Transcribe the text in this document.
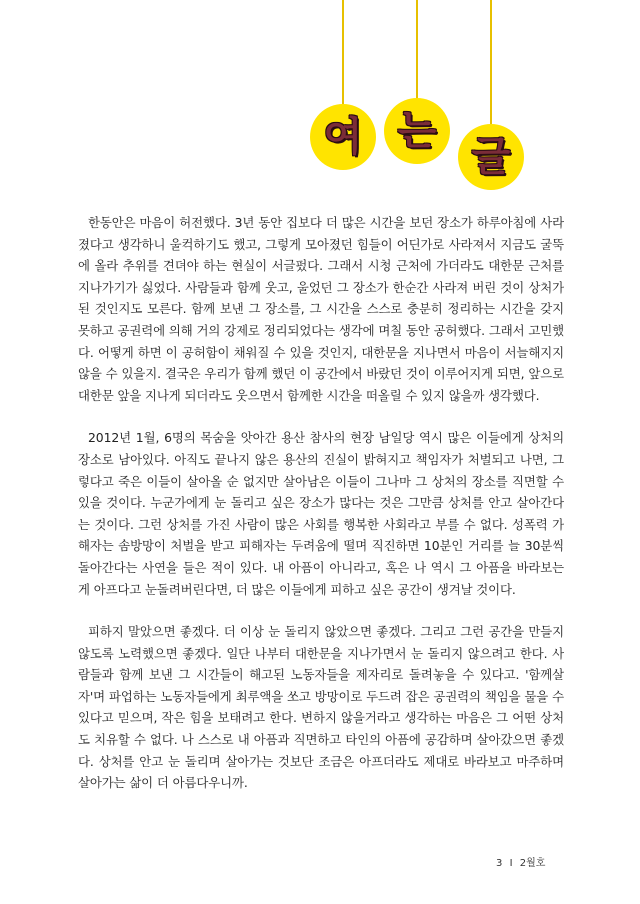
여 는
글

한동안은 마음이 허전했다. 3년 동안 집보다 더 많은 시간을 보던 장소가 하루아침에 사라졌다고 생각하니 울컥하기도 했고, 그렇게 모아졌던 힘들이 어딘가로 사라져서 지금도 굴뚝에 올라 추위를 견뎌야 하는 현실이 서글펐다. 그래서 시청 근처에 가더라도 대한문 근처를 지나가기가 싫었다. 사람들과 함께 웃고, 울었던 그 장소가 한순간 사라져 버린 것이 상처가 된 것인지도 모른다. 함께 보낸 그 장소를, 그 시간을 스스로 충분히 정리하는 시간을 갖지 못하고 공권력에 의해 거의 강제로 정리되었다는 생각에 며칠 동안 공허했다. 그래서 고민했다. 어떻게 하면 이 공허함이 채워질 수 있을 것인지, 대한문을 지나면서 마음이 서늘해지지 않을 수 있을지. 결국은 우리가 함께 했던 이 공간에서 바랐던 것이 이루어지게 되면, 앞으로 대한문 앞을 지나게 되더라도 웃으면서 함께한 시간을 떠올릴 수 있지 않을까 생각했다.

2012년 1월, 6명의 목숨을 앗아간 용산 참사의 현장 남일당 역시 많은 이들에게 상처의 장소로 남아있다. 아직도 끝나지 않은 용산의 진실이 밝혀지고 책임자가 처벌되고 나면, 그렇다고 죽은 이들이 살아올 순 없지만 살아남은 이들이 그나마 그 상처의 장소를 직면할 수 있을 것이다. 누군가에게 눈 돌리고 싶은 장소가 많다는 것은 그만큼 상처를 안고 살아간다는 것이다. 그런 상처를 가진 사람이 많은 사회를 행복한 사회라고 부를 수 없다. 성폭력 가해자는 솜방망이 처벌을 받고 피해자는 두려움에 떨며 직진하면 10분인 거리를 늘 30분씩 돌아간다는 사연을 들은 적이 있다. 내 아픔이 아니라고, 혹은 나 역시 그 아픔을 바라보는 게 아프다고 눈돌려버린다면, 더 많은 이들에게 피하고 싶은 공간이 생겨날 것이다.

피하지 말았으면 좋겠다. 더 이상 눈 돌리지 않았으면 좋겠다. 그리고 그런 공간을 만들지 않도록 노력했으면 좋겠다. 일단 나부터 대한문을 지나가면서 눈 돌리지 않으려고 한다. 사람들과 함께 보낸 그 시간들이 해고된 노동자들을 제자리로 돌려놓을 수 있다고. '함께살자'며 파업하는 노동자들에게 최루액을 쏘고 방망이로 두드려 잡은 공권력의 책임을 물을 수 있다고 믿으며, 작은 힘을 보태려고 한다. 변하지 않을거라고 생각하는 마음은 그 어떤 상처도 치유할 수 없다. 나 스스로 내 아픔과 직면하고 타인의 아픔에 공감하며 살아갔으면 좋겠다. 상처를 안고 눈 돌리며 살아가는 것보단 조금은 아프더라도 제대로 바라보고 마주하며 살아가는 삶이 더 아름다우니까.

3 I 2월호
